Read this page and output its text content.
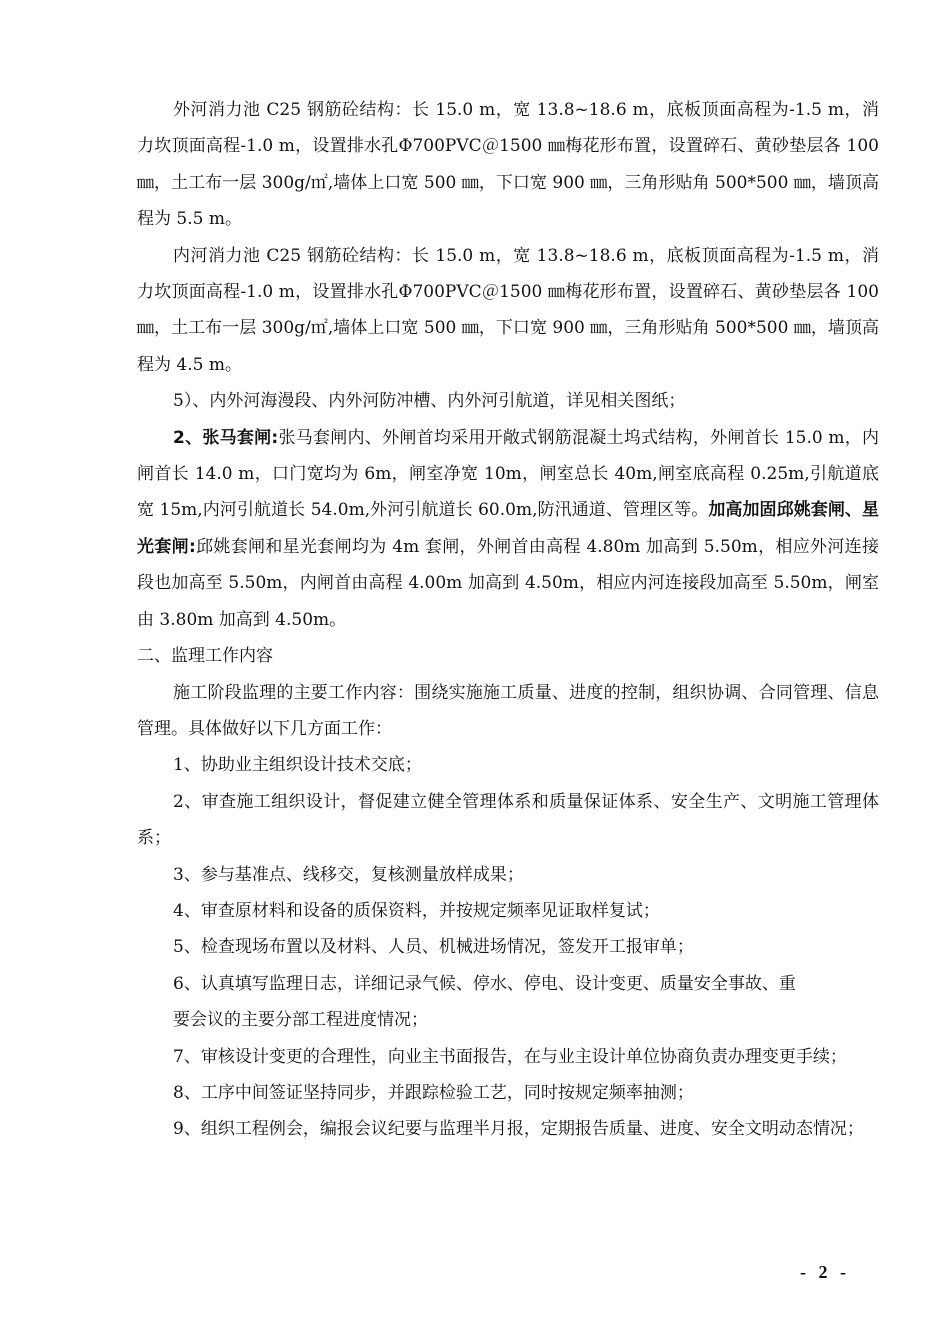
外河消力池 C25 钢筋砼结构：长 15.0 m，宽 13.8~18.6 m，底板顶面高程为-1.5 m，消力坎顶面高程-1.0 m，设置排水孔Φ700PVC＠1500 ㎜梅花形布置，设置碎石、黄砂垫层各 100 ㎜，土工布一层 300g/㎡,墙体上口宽 500 ㎜，下口宽 900 ㎜，三角形贴角 500*500 ㎜，墙顶高程为 5.5 m。

内河消力池 C25 钢筋砼结构：长 15.0 m，宽 13.8~18.6 m，底板顶面高程为-1.5 m，消力坎顶面高程-1.0 m，设置排水孔Φ700PVC＠1500 ㎜梅花形布置，设置碎石、黄砂垫层各 100 ㎜，土工布一层 300g/㎡,墙体上口宽 500 ㎜，下口宽 900 ㎜，三角形贴角 500*500 ㎜，墙顶高程为 4.5 m。

5）、内外河海漫段、内外河防冲槽、内外河引航道，详见相关图纸；

2、张马套闸:张马套闸内、外闸首均采用开敞式钢筋混凝土坞式结构，外闸首长 15.0 m，内闸首长 14.0 m，口门宽均为 6m，闸室净宽 10m，闸室总长 40m,闸室底高程 0.25m,引航道底宽 15m,内河引航道长 54.0m,外河引航道长 60.0m,防汛通道、管理区等。加高加固邱姚套闸、星光套闸:邱姚套闸和星光套闸均为 4m 套闸，外闸首由高程 4.80m 加高到 5.50m，相应外河连接段也加高至 5.50m，内闸首由高程 4.00m 加高到 4.50m，相应内河连接段加高至 5.50m，闸室由 3.80m 加高到 4.50m。

二、监理工作内容

施工阶段监理的主要工作内容：围绕实施施工质量、进度的控制，组织协调、合同管理、信息管理。具体做好以下几方面工作：

1、协助业主组织设计技术交底；

2、审查施工组织设计，督促建立健全管理体系和质量保证体系、安全生产、文明施工管理体系；

3、参与基准点、线移交，复核测量放样成果；

4、审查原材料和设备的质保资料，并按规定频率见证取样复试；

5、检查现场布置以及材料、人员、机械进场情况，签发开工报审单；

6、认真填写监理日志，详细记录气候、停水、停电、设计变更、质量安全事故、重

要会议的主要分部工程进度情况；

7、审核设计变更的合理性，向业主书面报告，在与业主设计单位协商负责办理变更手续；

8、工序中间签证坚持同步，并跟踪检验工艺，同时按规定频率抽测；

9、组织工程例会，编报会议纪要与监理半月报，定期报告质量、进度、安全文明动态情况；

- 2 -
